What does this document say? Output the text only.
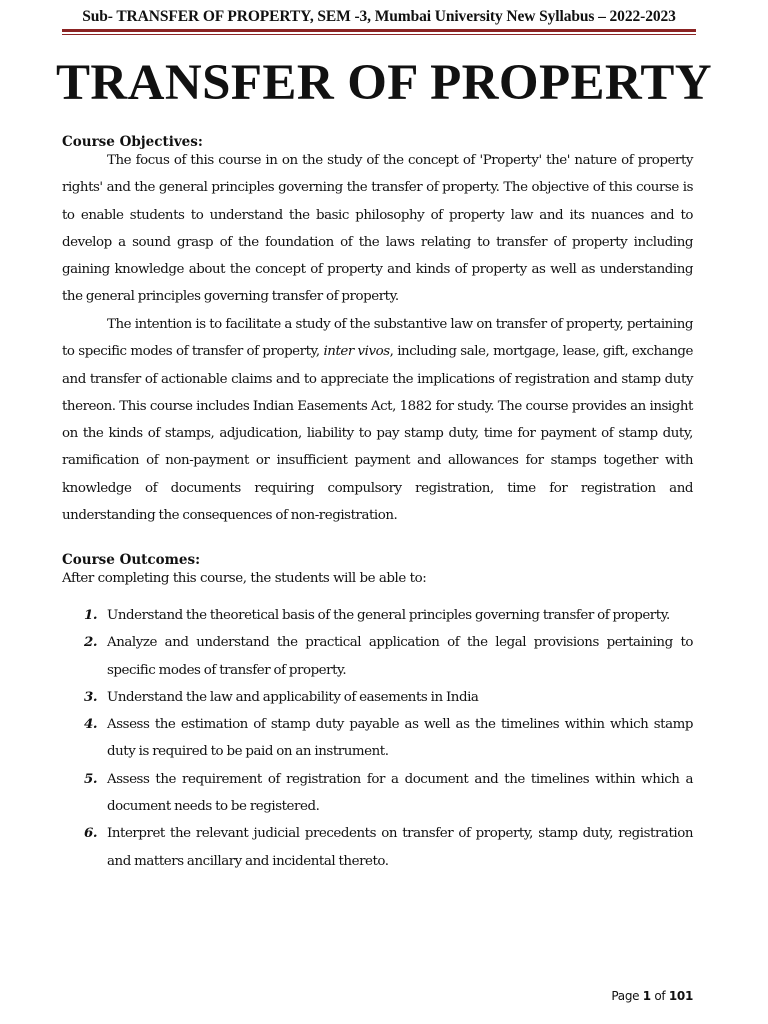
Sub- TRANSFER OF PROPERTY, SEM -3, Mumbai University New Syllabus – 2022-2023
TRANSFER OF PROPERTY
Course Objectives:
The focus of this course in on the study of the concept of 'Property' the' nature of property rights' and the general principles governing the transfer of property. The objective of this course is to enable students to understand the basic philosophy of property law and its nuances and to develop a sound grasp of the foundation of the laws relating to transfer of property including gaining knowledge about the concept of property and kinds of property as well as understanding the general principles governing transfer of property.
The intention is to facilitate a study of the substantive law on transfer of property, pertaining to specific modes of transfer of property, inter vivos, including sale, mortgage, lease, gift, exchange and transfer of actionable claims and to appreciate the implications of registration and stamp duty thereon. This course includes Indian Easements Act, 1882 for study. The course provides an insight on the kinds of stamps, adjudication, liability to pay stamp duty, time for payment of stamp duty, ramification of non-payment or insufficient payment and allowances for stamps together with knowledge of documents requiring compulsory registration, time for registration and understanding the consequences of non-registration.
Course Outcomes:
After completing this course, the students will be able to:
1. Understand the theoretical basis of the general principles governing transfer of property.
2. Analyze and understand the practical application of the legal provisions pertaining to specific modes of transfer of property.
3. Understand the law and applicability of easements in India
4. Assess the estimation of stamp duty payable as well as the timelines within which stamp duty is required to be paid on an instrument.
5. Assess the requirement of registration for a document and the timelines within which a document needs to be registered.
6. Interpret the relevant judicial precedents on transfer of property, stamp duty, registration and matters ancillary and incidental thereto.
Page 1 of 101
